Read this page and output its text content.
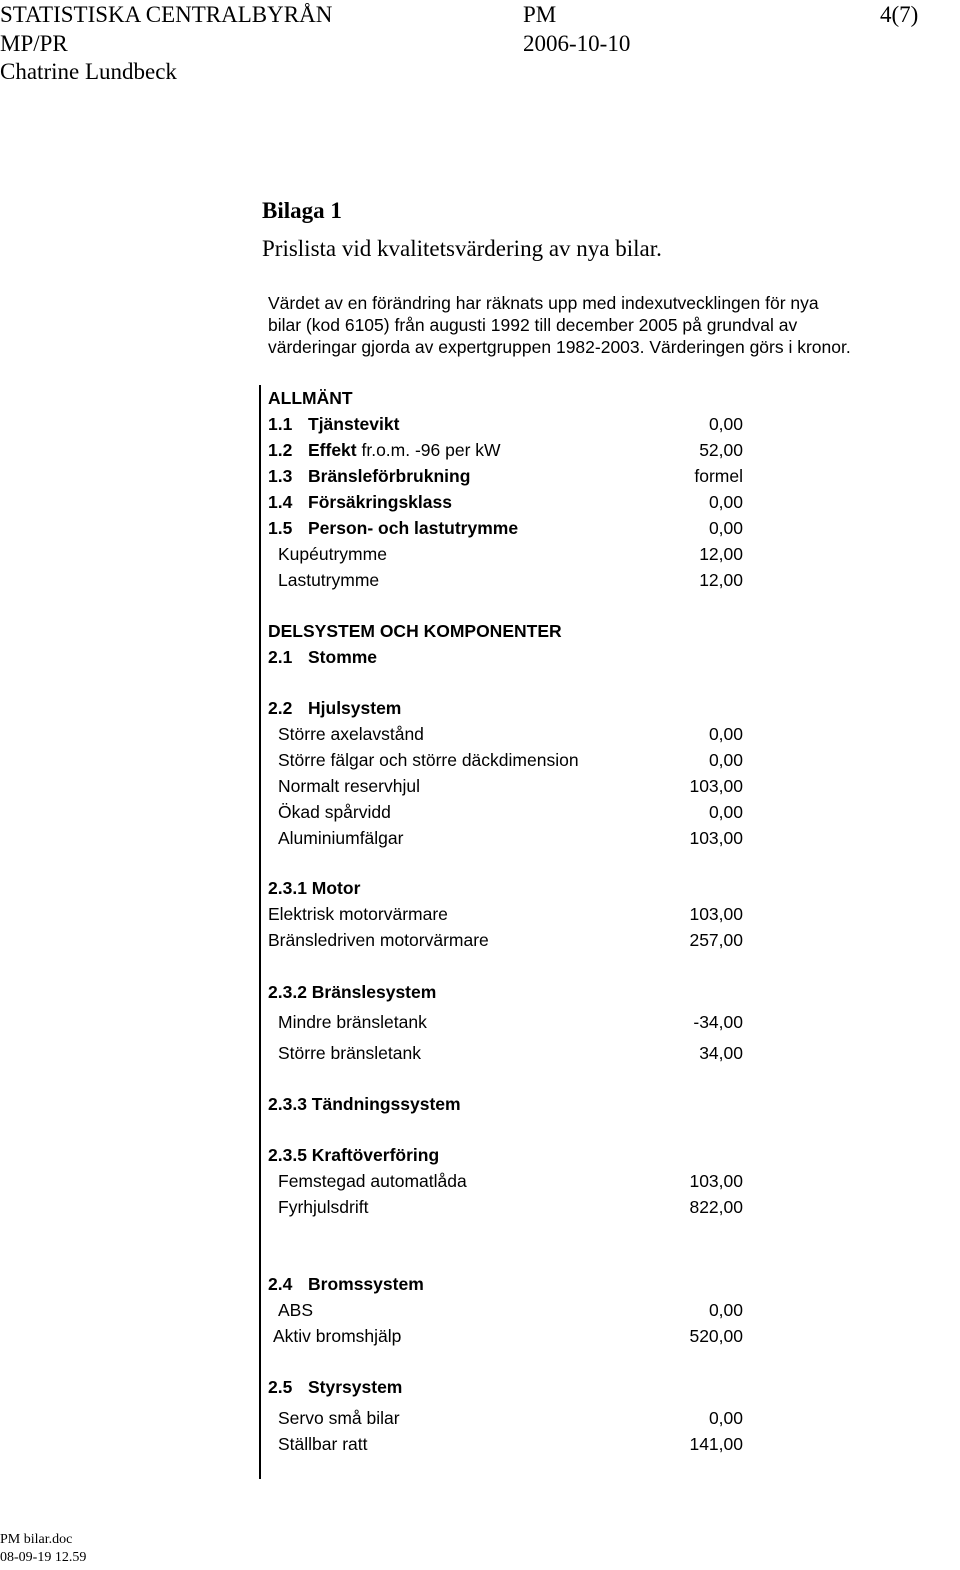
STATISTISKA CENTRALBYRÅN	PM	4(7)
MP/PR	2006-10-10
Chatrine Lundbeck
Bilaga 1
Prislista vid kvalitetsvärdering av nya bilar.
Värdet av en förändring har räknats upp med indexutvecklingen för nya
bilar (kod 6105) från augusti 1992 till december 2005 på grundval av
värderingar gjorda av expertgruppen 1982-2003. Värderingen görs i kronor.
ALLMÄNT
1.1 Tjänstevikt	0,00
1.2 Effekt fr.o.m. -96 per kW	52,00
1.3 Bränsleförbrukning	formel
1.4 Försäkringsklass	0,00
1.5 Person- och lastutrymme	0,00
Kupéutrymme	12,00
Lastutrymme	12,00
DELSYSTEM OCH KOMPONENTER
2.1 Stomme
2.2 Hjulsystem
Större axelavstånd	0,00
Större fälgar och större däckdimension	0,00
Normalt reservhjul	103,00
Ökad spårvidd	0,00
Aluminiumfälgar	103,00
2.3.1 Motor
Elektrisk motorvärmare	103,00
Bränsledriven motorvärmare	257,00
2.3.2 Bränslesystem
Mindre bränsletank	-34,00
Större bränsletank	34,00
2.3.3 Tändningssystem
2.3.5 Kraftöverföring
Femstegad automatlåda	103,00
Fyrhjulsdrift	822,00
2.4 Bromssystem
ABS	0,00
Aktiv bromshjälp	520,00
2.5 Styrsystem
Servo små bilar	0,00
Ställbar ratt	141,00
PM bilar.doc
08-09-19 12.59
